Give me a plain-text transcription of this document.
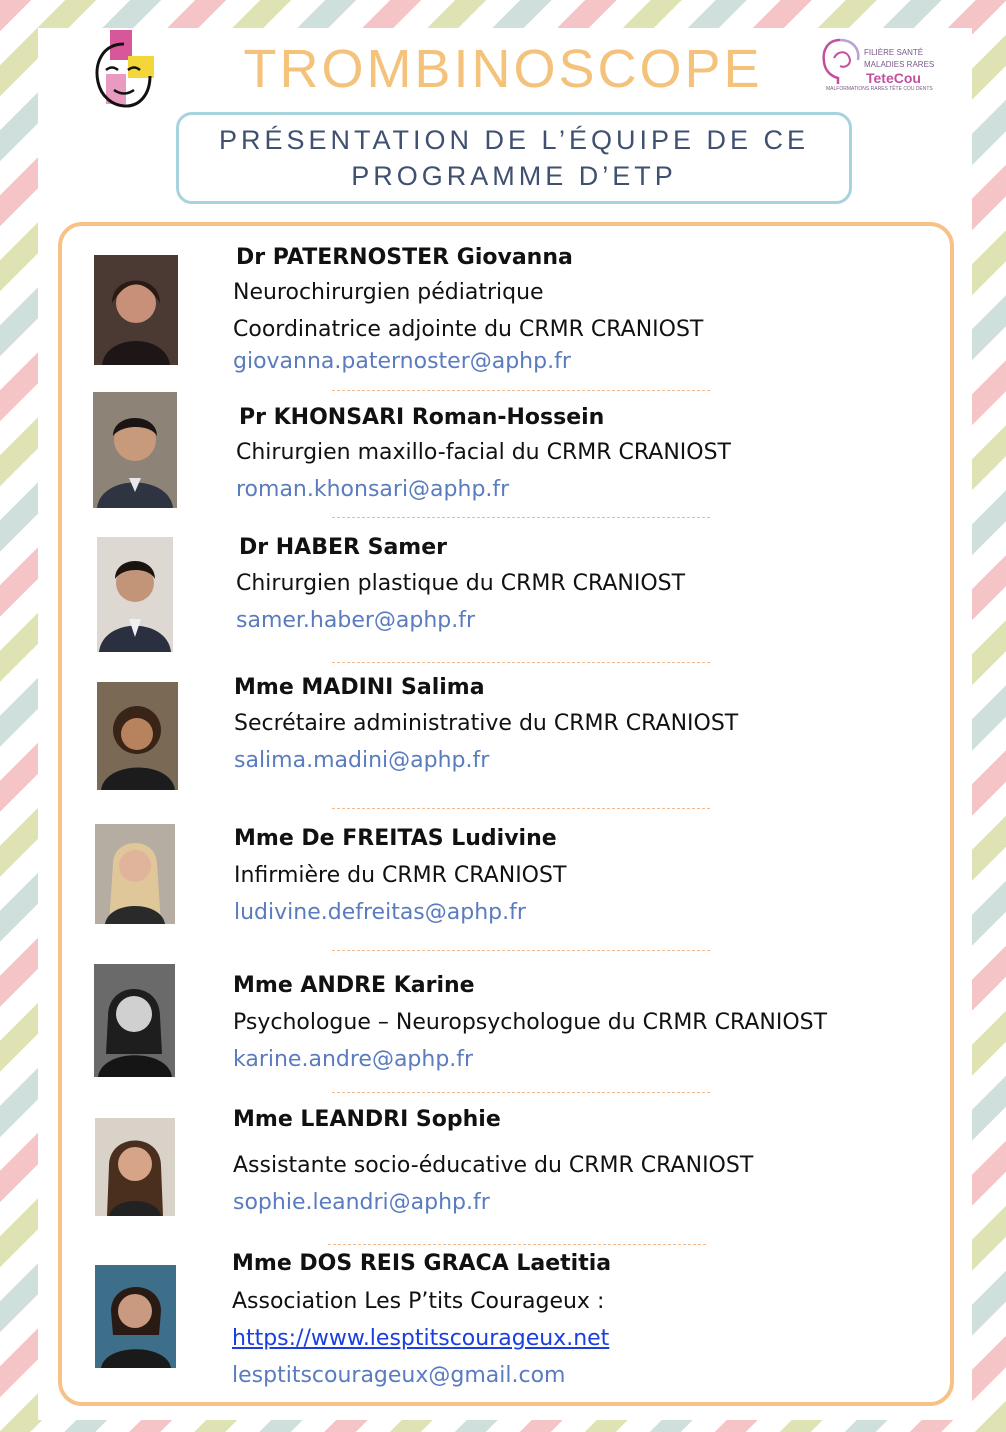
TROMBINOSCOPE	FILIÈRE SANTÉ
MALADIES RARES
TeteCou
MALFORMATIONS RARES TÊTE COU DENTS
PRÉSENTATION DE L’ÉQUIPE DE CE
PROGRAMME D’ETP
Dr PATERNOSTER Giovanna
Neurochirurgien pédiatrique
Coordinatrice adjointe du CRMR CRANIOST
giovanna.paternoster@aphp.fr
Pr KHONSARI Roman-Hossein
Chirurgien maxillo-facial du CRMR CRANIOST
roman.khonsari@aphp.fr
Dr HABER Samer
Chirurgien plastique du CRMR CRANIOST
samer.haber@aphp.fr
Mme MADINI Salima
Secrétaire administrative du CRMR CRANIOST
salima.madini@aphp.fr
Mme De FREITAS Ludivine
Infirmière du CRMR CRANIOST
ludivine.defreitas@aphp.fr
Mme ANDRE Karine
Psychologue – Neuropsychologue du CRMR CRANIOST
karine.andre@aphp.fr
Mme LEANDRI Sophie
Assistante socio-éducative du CRMR CRANIOST
sophie.leandri@aphp.fr
Mme DOS REIS GRACA Laetitia
Association Les P’tits Courageux :
https://www.lesptitscourageux.net
lesptitscourageux@gmail.com
